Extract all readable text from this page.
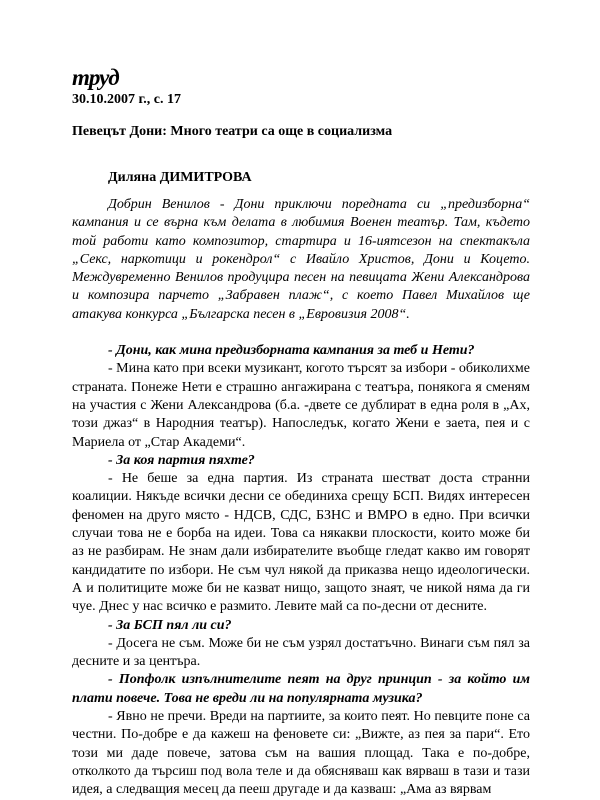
труд
30.10.2007 г., с. 17
Певецът Дони: Много театри са още в социализма
Диляна ДИМИТРОВА

Добрин Венилов - Дони приключи поредната си „предизборна“ кампания и се върна към делата в любимия Военен театър. Там, където той работи като композитор, стартира и 16-иятсезон на спектакъла „Секс, наркотици и рокендрол“ с Ивайло Христов, Дони и Коцето. Междувременно Венилов продуцира песен на певицата Жени Александрова и композира парчето „Забравен плаж“, с което Павел Михайлов ще атакува конкурса „Българска песен в „Евровизия 2008“.

- Дони, как мина предизборната кампания за теб и Нети?

- Мина като при всеки музикант, когото търсят за избори - обиколихме страната. Понеже Нети е страшно ангажирана с театъра, понякога я сменям на участия с Жени Александрова (б.а. -двете се дублират в една роля в „Ах, този джаз“ в Народния театър). Напоследък, когато Жени е заета, пея и с Мариела от „Стар Академи“.

- За коя партия пяхте?

- Не беше за една партия. Из страната шестват доста странни коалиции. Някъде всички десни се обединиха срещу БСП. Видях интересен феномен на друго място - НДСВ, СДС, БЗНС и ВМРО в едно. При всички случаи това не е борба на идеи. Това са някакви плоскости, които може би аз не разбирам. Не знам дали избирателите въобще гледат какво им говорят кандидатите по избори. Не съм чул някой да приказва нещо идеологически. А и политиците може би не казват нищо, защото знаят, че никой няма да ги чуе. Днес у нас всичко е размито. Левите май са по-десни от десните.

- За БСП пял ли си?

- Досега не съм. Може би не съм узрял достатъчно. Винаги съм пял за десните и за центъра.

- Попфолк изпълнителите пеят на друг принцип - за който им плати повече. Това не вреди ли на популярната музика?

- Явно не пречи. Вреди на партиите, за които пеят. Но певците поне са честни. По-добре е да кажеш на феновете си: „Вижте, аз пея за пари“. Ето този ми даде повече, затова съм на вашия площад. Така е по-добре, отколкото да търсиш под вола теле и да обясняваш как вярваш в тази и тази идея, а следващия месец да пееш другаде и да казваш: „Ама аз вярвам
